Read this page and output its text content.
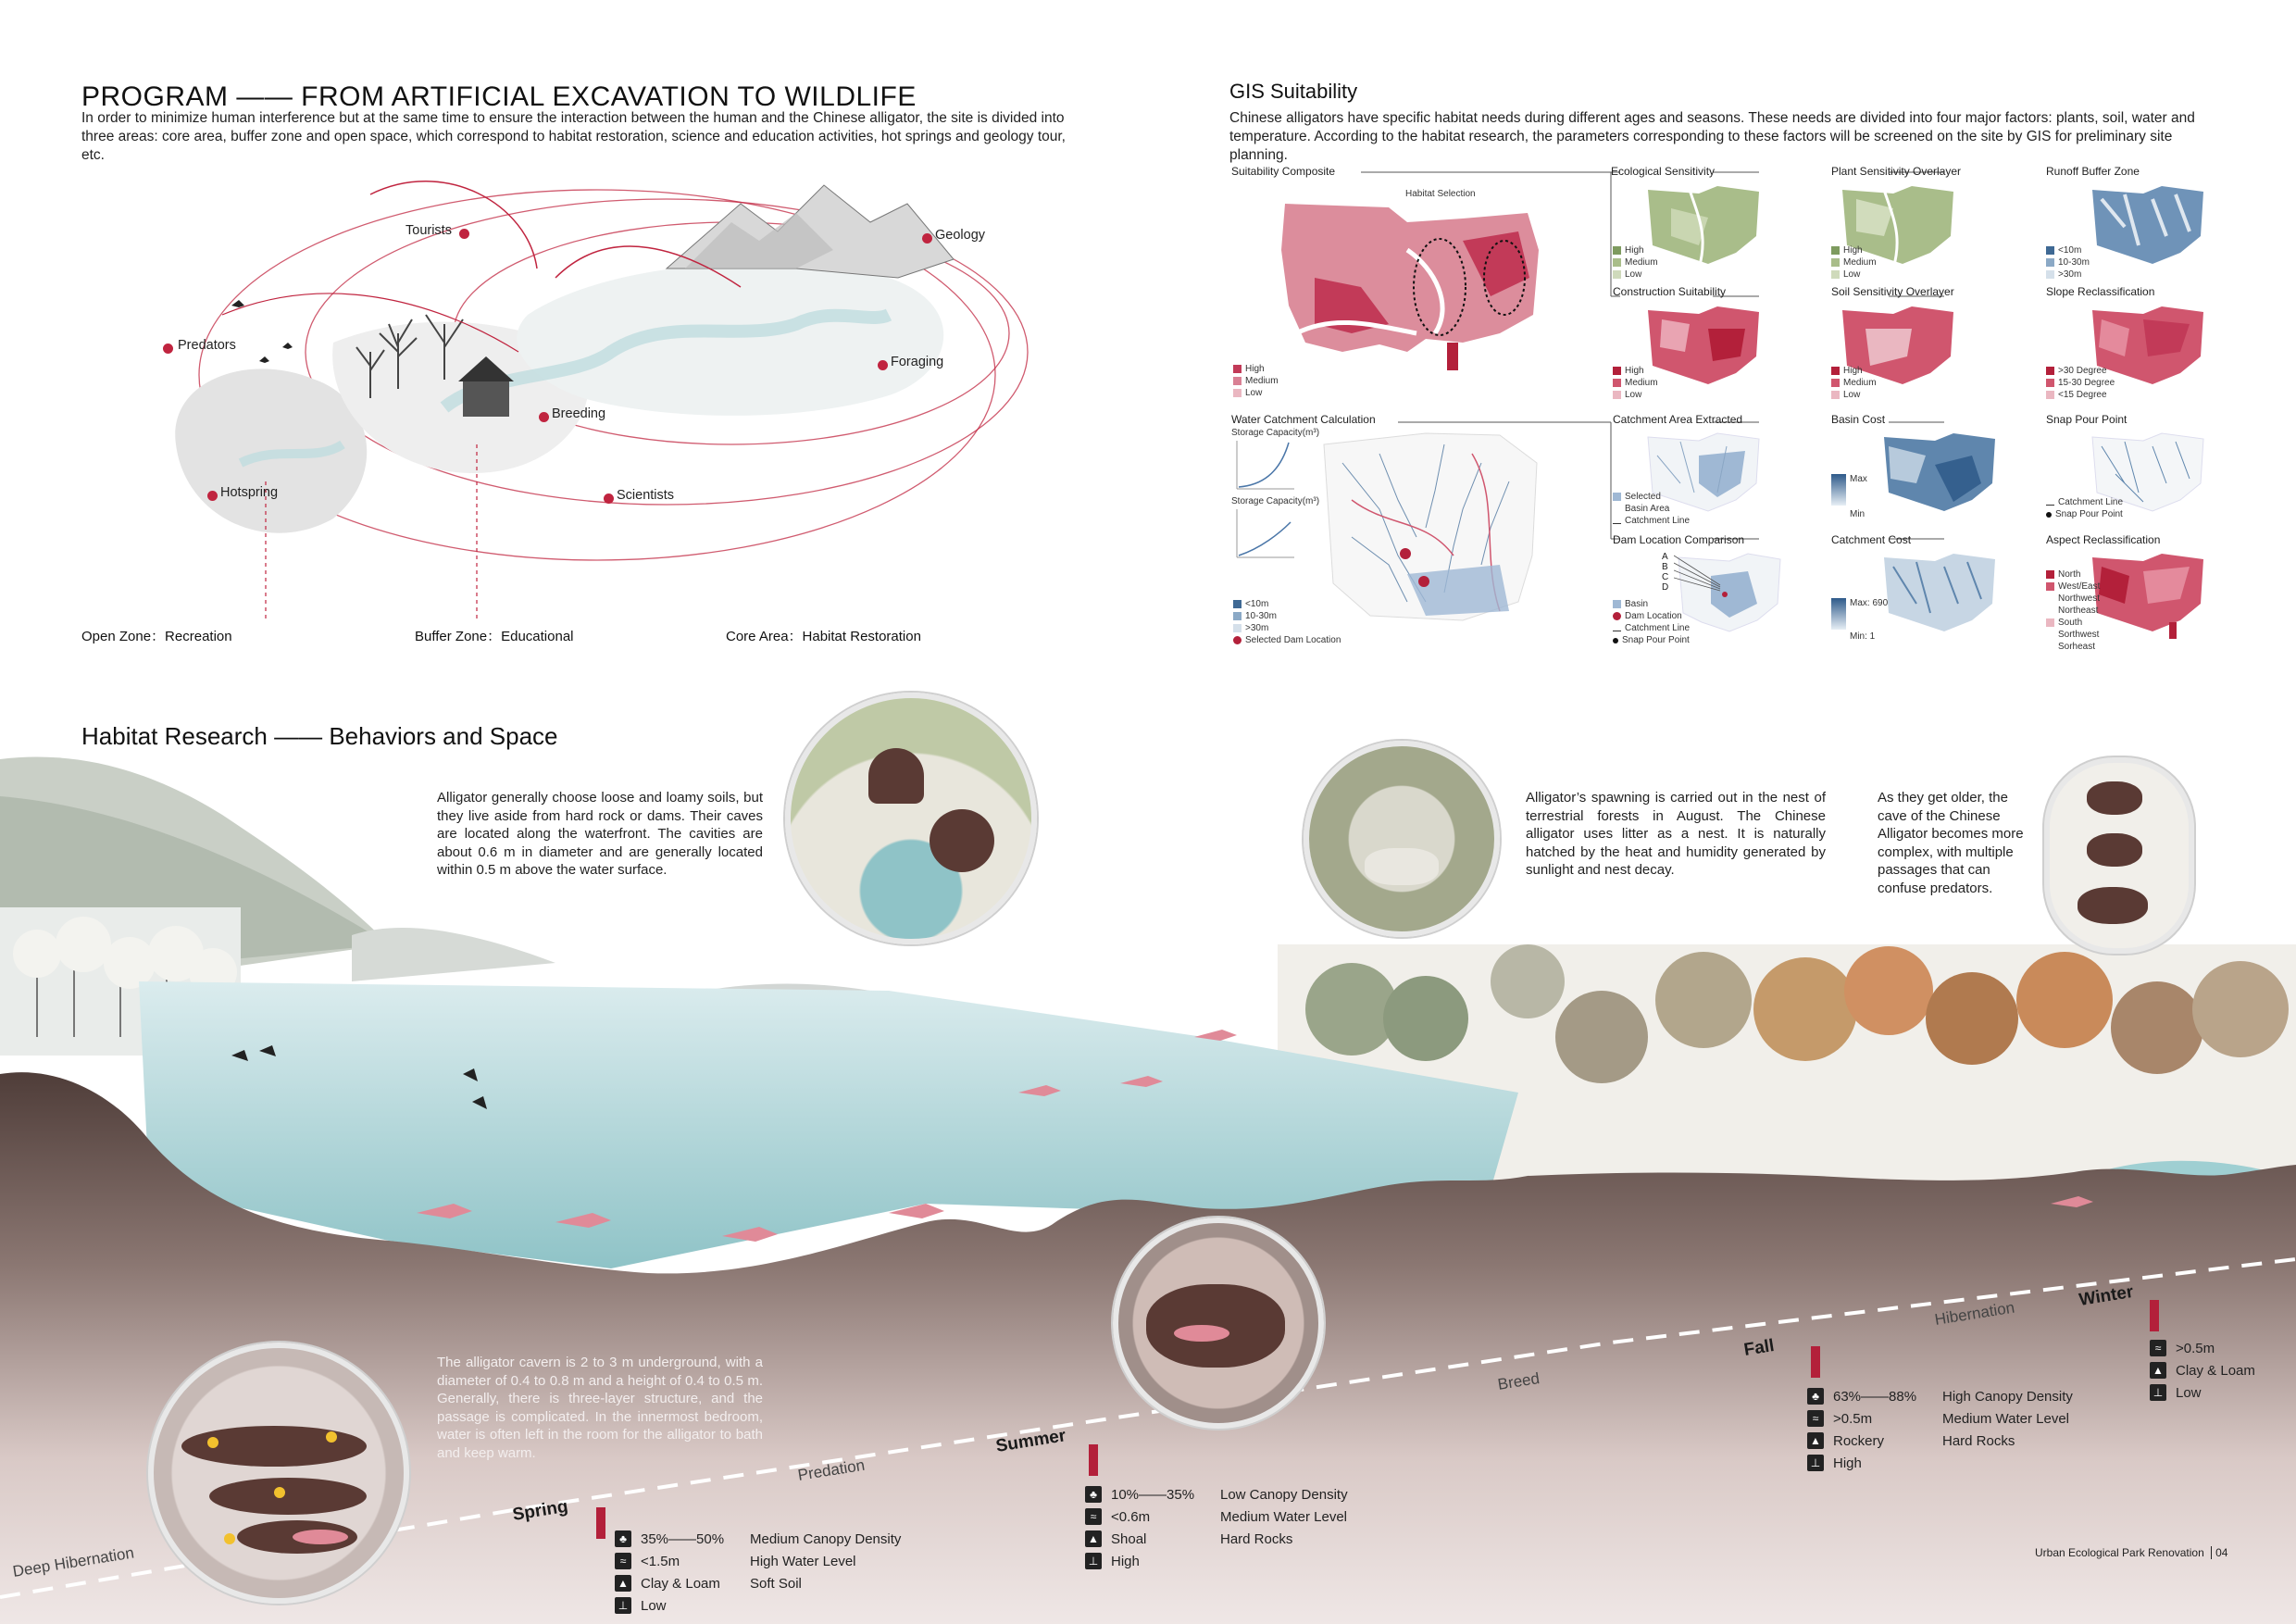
PROGRAM —— FROM ARTIFICIAL EXCAVATION TO WILDLIFE
In order to minimize human interference but at the same time to ensure the interaction between the human and the Chinese alligator, the site is divided into three areas: core area, buffer zone and open space, which correspond to habitat restoration, science and education activities, hot springs and geology tour, etc.
Tourists	Geology
Predators
Foraging
Breeding
Hotspring	Scientists
Open Zone：Recreation	Buffer Zone：Educational	Core Area：Habitat Restoration
GIS Suitability
Chinese alligators have specific habitat needs during different ages and seasons. These needs are divided into four major factors: plants, soil, water and temperature. According to the habitat research, the parameters corresponding to these factors will be screened on the site by GIS for preliminary site planning.
Suitability Composite
Habitat Selection
High
Medium
Low
Ecological Sensitivity
High
Medium
Low
Plant Sensitivity Overlayer
High
Medium
Low
Runoff Buffer Zone
<10m
10-30m
>30m
Construction Suitability
High
Medium
Low
Soil Sensitivity Overlayer
High
Medium
Low
Slope Reclassification
>30 Degree
15-30 Degree
<15 Degree
Water Catchment Calculation
Storage Capacity(m³)
Storage Capacity(m³)
<10m
10-30m
>30m
Selected Dam Location
Catchment Area Extracted
Selected
Basin Area
Catchment Line
Basin Cost
Max
Min
Snap Pour Point
Catchment Line
Snap Pour Point
Dam Location Comparison
A
B
C
D
Basin
Dam Location
Catchment Line
Snap Pour Point
Catchment Cost
Max: 690
Min: 1
Aspect Reclassification
North
West/East
Northwest
Northeast
South
Sorthwest
Sorheast
Habitat Research —— Behaviors and Space
Alligator generally choose loose and loamy soils, but they live aside from hard rock or dams. Their caves are located along the waterfront. The cavities are about 0.6 m in diameter and are generally located within 0.5 m above the water surface.
Alligator’s spawning is carried out in the nest of terrestrial forests in August. The Chinese alligator uses litter as a nest. It is naturally hatched by the heat and humidity generated by sunlight and nest decay.
As they get older, the cave of the Chinese Alligator becomes more complex, with multiple passages that can confuse predators.
The alligator cavern is 2 to 3 m underground, with a diameter of 0.4 to 0.8 m and a height of 0.4 to 0.5 m. Generally, there is three-layer structure, and the passage is complicated. In the innermost bedroom, water is often left in the room for the alligator to bath and keep warm.
Deep Hibernation
Predation
Breed
Hibernation
Spring
Summer
Fall
Winter
♣	35%——50%	Medium Canopy Density
≈	<1.5m	High Water Level
▲ Clay & Loam	Soft Soil
⊥ Low
♣	10%——35%	Low Canopy Density
≈	<0.6m	Medium Water Level
▲ Shoal	Hard Rocks
⊥ High
♣	63%——88%	High Canopy Density
≈	>0.5m	Medium Water Level
▲ Rockery	Hard Rocks
⊥ High
≈	>0.5m
▲ Clay & Loam
⊥ Low
Urban Ecological Park Renovation 04
